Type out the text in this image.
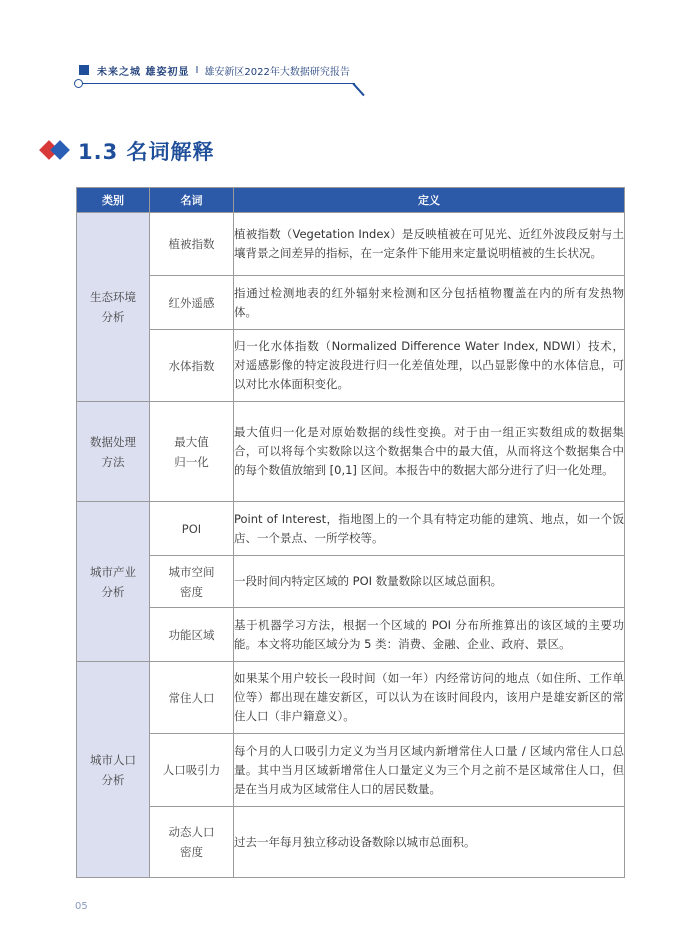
未来之城 雄姿初显 I 雄安新区2022年大数据研究报告
1.3 名词解释
类别	名词	定义

生态环境分析	植被指数	植被指数（Vegetation Index）是反映植被在可见光、近红外波段反射与土壤背景之间差异的指标，在一定条件下能用来定量说明植被的生长状况。

	红外遥感	指通过检测地表的红外辐射来检测和区分包括植物覆盖在内的所有发热物体。

	水体指数	归一化水体指数（Normalized Difference Water Index, NDWI）技术，对遥感影像的特定波段进行归一化差值处理，以凸显影像中的水体信息，可以对比水体面积变化。

数据处理方法	最大值归一化	最大值归一化是对原始数据的线性变换。对于由一组正实数组成的数据集合，可以将每个实数除以这个数据集合中的最大值，从而将这个数据集合中的每个数值放缩到 [0,1] 区间。本报告中的数据大部分进行了归一化处理。

城市产业分析	POI	Point of Interest，指地图上的一个具有特定功能的建筑、地点，如一个饭店、一个景点、一所学校等。

	城市空间密度	一段时间内特定区域的 POI 数量数除以区域总面积。

	功能区域	基于机器学习方法，根据一个区域的 POI 分布所推算出的该区域的主要功能。本文将功能区域分为 5 类：消费、金融、企业、政府、景区。

城市人口分析	常住人口	如果某个用户较长一段时间（如一年）内经常访问的地点（如住所、工作单位等）都出现在雄安新区，可以认为在该时间段内，该用户是雄安新区的常住人口（非户籍意义）。

	人口吸引力	每个月的人口吸引力定义为当月区域内新增常住人口量 / 区域内常住人口总量。其中当月区域新增常住人口量定义为三个月之前不是区域常住人口，但是在当月成为区域常住人口的居民数量。

	动态人口密度	过去一年每月独立移动设备数除以城市总面积。
05
